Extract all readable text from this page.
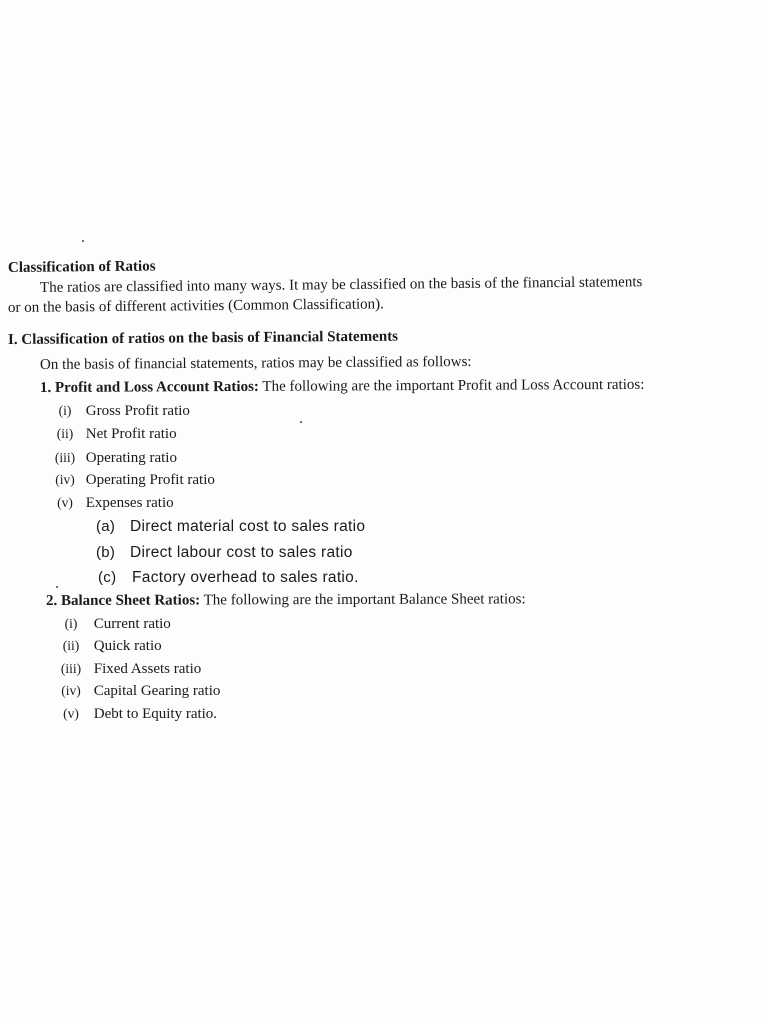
Classification of Ratios
The ratios are classified into many ways. It may be classified on the basis of the financial statements
or on the basis of different activities (Common Classification).
I. Classification of ratios on the basis of Financial Statements
On the basis of financial statements, ratios may be classified as follows:
1. Profit and Loss Account Ratios: The following are the important Profit and Loss Account ratios:
(i) Gross Profit ratio
(ii) Net Profit ratio
(iii) Operating ratio
(iv) Operating Profit ratio
(v) Expenses ratio
(a) Direct material cost to sales ratio
(b) Direct labour cost to sales ratio
(c) Factory overhead to sales ratio.
2. Balance Sheet Ratios: The following are the important Balance Sheet ratios:
(i) Current ratio
(ii) Quick ratio
(iii) Fixed Assets ratio
(iv) Capital Gearing ratio
(v) Debt to Equity ratio.
